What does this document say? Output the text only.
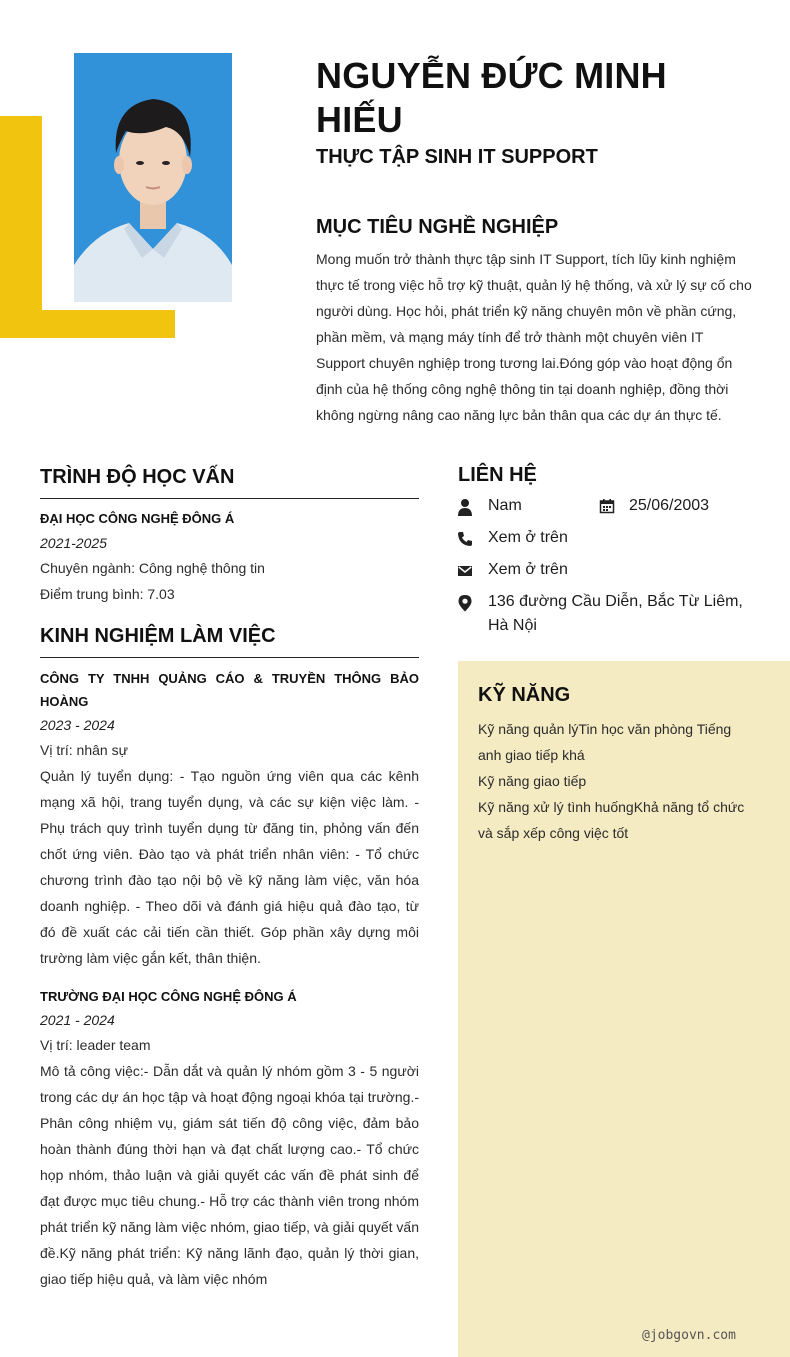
NGUYỄN ĐỨC MINH HIẾU
THỰC TẬP SINH IT SUPPORT
MỤC TIÊU NGHỀ NGHIỆP
Mong muốn trở thành thực tập sinh IT Support, tích lũy kinh nghiệm thực tế trong việc hỗ trợ kỹ thuật, quản lý hệ thống, và xử lý sự cố cho người dùng. Học hỏi, phát triển kỹ năng chuyên môn về phần cứng, phần mềm, và mạng máy tính để trở thành một chuyên viên IT Support chuyên nghiệp trong tương lai.Đóng góp vào hoạt động ổn định của hệ thống công nghệ thông tin tại doanh nghiệp, đồng thời không ngừng nâng cao năng lực bản thân qua các dự án thực tế.
TRÌNH ĐỘ HỌC VẤN
ĐẠI HỌC CÔNG NGHỆ ĐÔNG Á
2021-2025
Chuyên ngành: Công nghệ thông tin
Điểm trung bình: 7.03
KINH NGHIỆM LÀM VIỆC
CÔNG TY TNHH QUẢNG CÁO & TRUYỀN THÔNG BẢO HOÀNG
2023 - 2024
Vị trí: nhân sự
Quản lý tuyển dụng: - Tạo nguồn ứng viên qua các kênh mạng xã hội, trang tuyển dụng, và các sự kiện việc làm. - Phụ trách quy trình tuyển dụng từ đăng tin, phỏng vấn đến chốt ứng viên. Đào tạo và phát triển nhân viên: - Tổ chức chương trình đào tạo nội bộ về kỹ năng làm việc, văn hóa doanh nghiệp. - Theo dõi và đánh giá hiệu quả đào tạo, từ đó đề xuất các cải tiến cần thiết. Góp phần xây dựng môi trường làm việc gắn kết, thân thiện.
TRƯỜNG ĐẠI HỌC CÔNG NGHỆ ĐÔNG Á
2021 - 2024
Vị trí: leader team
Mô tả công việc:- Dẫn dắt và quản lý nhóm gồm 3 - 5 người trong các dự án học tập và hoạt động ngoại khóa tại trường.- Phân công nhiệm vụ, giám sát tiến độ công việc, đảm bảo hoàn thành đúng thời hạn và đạt chất lượng cao.- Tổ chức họp nhóm, thảo luận và giải quyết các vấn đề phát sinh để đạt được mục tiêu chung.- Hỗ trợ các thành viên trong nhóm phát triển kỹ năng làm việc nhóm, giao tiếp, và giải quyết vấn đề.Kỹ năng phát triển: Kỹ năng lãnh đạo, quản lý thời gian, giao tiếp hiệu quả, và làm việc nhóm
LIÊN HỆ
Nam	25/06/2003
Xem ở trên
Xem ở trên
136 đường Cầu Diễn, Bắc Từ Liêm, Hà Nội
KỸ NĂNG
Kỹ năng quản lýTin học văn phòng Tiếng anh giao tiếp khá
Kỹ năng giao tiếp
Kỹ năng xử lý tình huốngKhả năng tổ chức và sắp xếp công việc tốt
@jobgovn.com
